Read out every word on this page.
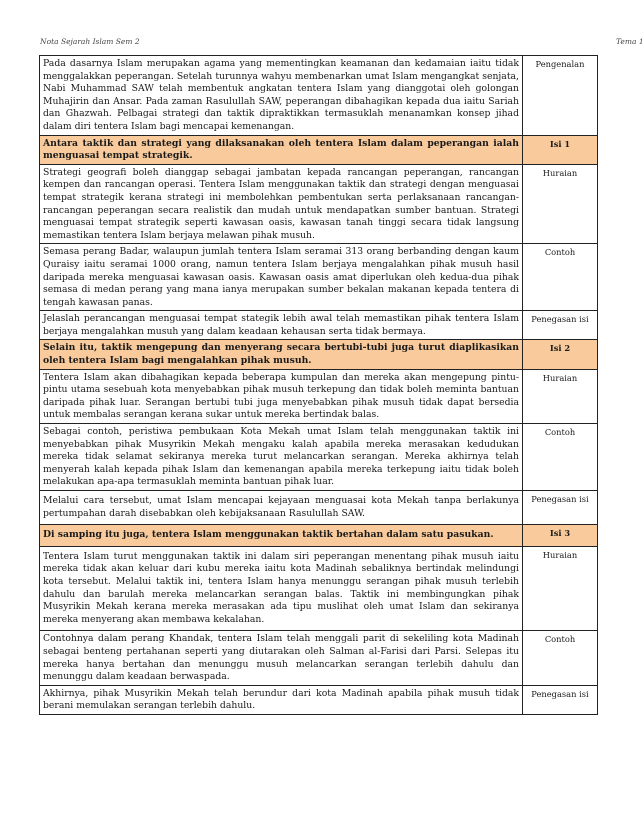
Nota Sejarah Islam Sem 2	Tema 1
Pada dasarnya Islam merupakan agama yang mementingkan keamanan dan kedamaian iaitu tidak menggalakkan peperangan. Setelah turunnya wahyu membenarkan umat Islam mengangkat senjata, Nabi Muhammad SAW telah membentuk angkatan tentera Islam yang dianggotai oleh golongan Muhajirin dan Ansar. Pada zaman Rasulullah SAW, peperangan dibahagikan kepada dua iaitu Sariah dan Ghazwah. Pelbagai strategi dan taktik dipraktikkan termasuklah menanamkan konsep jihad dalam diri tentera Islam bagi mencapai kemenangan.	Pengenalan
Antara taktik dan strategi yang dilaksanakan oleh tentera Islam dalam peperangan ialah menguasai tempat strategik.	Isi 1
Strategi geografi boleh dianggap sebagai jambatan kepada rancangan peperangan, rancangan kempen dan rancangan operasi. Tentera Islam menggunakan taktik dan strategi dengan menguasai tempat strategik kerana strategi ini membolehkan pembentukan serta perlaksanaan rancangan-rancangan peperangan secara realistik dan mudah untuk mendapatkan sumber bantuan. Strategi menguasai tempat strategik seperti kawasan oasis, kawasan tanah tinggi secara tidak langsung memastikan tentera Islam berjaya melawan pihak musuh.	Huraian
Semasa perang Badar, walaupun jumlah tentera Islam seramai 313 orang berbanding dengan kaum Quraisy iaitu seramai 1000 orang, namun tentera Islam berjaya mengalahkan pihak musuh hasil daripada mereka menguasai kawasan oasis. Kawasan oasis amat diperlukan oleh kedua-dua pihak semasa di medan perang yang mana ianya merupakan sumber bekalan makanan kepada tentera di tengah kawasan panas.	Contoh
Jelaslah perancangan menguasai tempat stategik lebih awal telah memastikan pihak tentera Islam berjaya mengalahkan musuh yang dalam keadaan kehausan serta tidak bermaya.	Penegasan isi
Selain itu, taktik mengepung dan menyerang secara bertubi-tubi juga turut diaplikasikan oleh tentera Islam bagi mengalahkan pihak musuh.	Isi 2
Tentera Islam akan dibahagikan kepada beberapa kumpulan dan mereka akan mengepung pintu-pintu utama sesebuah kota menyebabkan pihak musuh terkepung dan tidak boleh meminta bantuan daripada pihak luar. Serangan bertubi tubi juga menyebabkan pihak musuh tidak dapat bersedia untuk membalas serangan kerana sukar untuk mereka bertindak balas.	Huraian
Sebagai contoh, peristiwa pembukaan Kota Mekah umat Islam telah menggunakan taktik ini menyebabkan pihak Musyrikin Mekah mengaku kalah apabila mereka merasakan kedudukan mereka tidak selamat sekiranya mereka turut melancarkan serangan. Mereka akhirnya telah menyerah kalah kepada pihak Islam dan kemenangan apabila mereka terkepung iaitu tidak boleh melakukan apa-apa termasuklah meminta bantuan pihak luar.	Contoh
Melalui cara tersebut, umat Islam mencapai kejayaan menguasai kota Mekah tanpa berlakunya pertumpahan darah disebabkan oleh kebijaksanaan Rasulullah SAW.	Penegasan isi
Di samping itu juga, tentera Islam menggunakan taktik bertahan dalam satu pasukan.	Isi 3
Tentera Islam turut menggunakan taktik ini dalam siri peperangan menentang pihak musuh iaitu mereka tidak akan keluar dari kubu mereka iaitu kota Madinah sebaliknya bertindak melindungi kota tersebut. Melalui taktik ini, tentera Islam hanya menunggu serangan pihak musuh terlebih dahulu dan barulah mereka melancarkan serangan balas. Taktik ini membingungkan pihak Musyrikin Mekah kerana mereka merasakan ada tipu muslihat oleh umat Islam dan sekiranya mereka menyerang akan membawa kekalahan.	Huraian
Contohnya dalam perang Khandak, tentera Islam telah menggali parit di sekeliling kota Madinah sebagai benteng pertahanan seperti yang diutarakan oleh Salman al-Farisi dari Parsi. Selepas itu mereka hanya bertahan dan menunggu musuh melancarkan serangan terlebih dahulu dan menunggu dalam keadaan berwaspada.	Contoh
Akhirnya, pihak Musyrikin Mekah telah berundur dari kota Madinah apabila pihak musuh tidak berani memulakan serangan terlebih dahulu.	Penegasan isi
